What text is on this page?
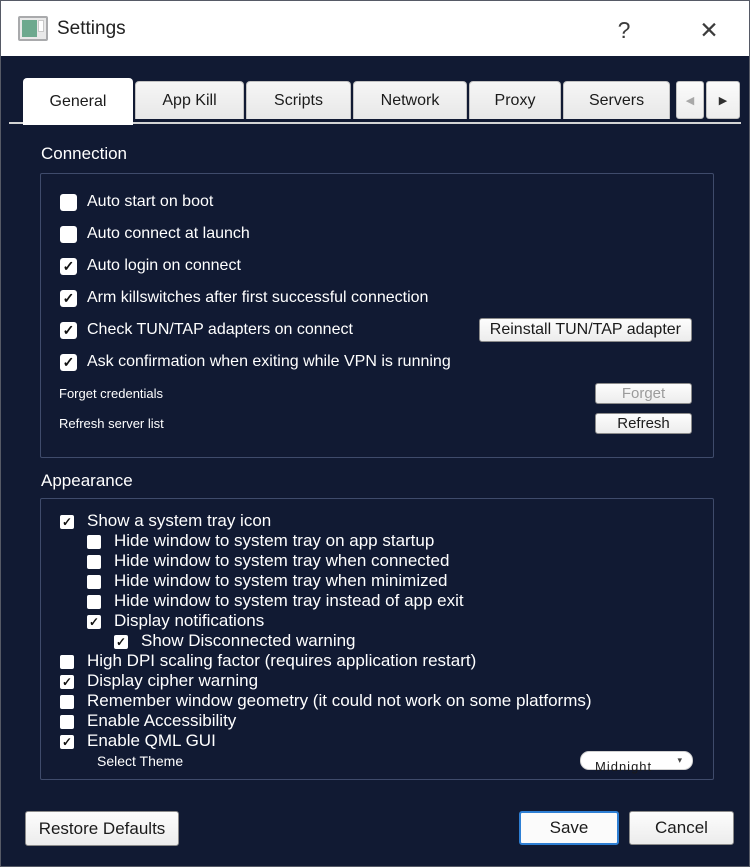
Settings	?	✕
General	App Kill	Scripts	Network	Proxy	Servers	◀	▶
Connection
Auto start on boot
Auto connect at launch
✓ Auto login on connect
✓ Arm killswitches after first successful connection
✓ Check TUN/TAP adapters on connect	Reinstall TUN/TAP adapter
✓ Ask confirmation when exiting while VPN is running
Forget credentials	Forget
Refresh server list	Refresh
Appearance
✓ Show a system tray icon
Hide window to system tray on app startup
Hide window to system tray when connected
Hide window to system tray when minimized
Hide window to system tray instead of app exit
✓ Display notifications
✓ Show Disconnected warning
High DPI scaling factor (requires application restart)
✓ Display cipher warning
Remember window geometry (it could not work on some platforms)
Enable Accessibility
✓ Enable QML GUI
Select Theme	Midnight	▾
Restore Defaults	Save	Cancel
